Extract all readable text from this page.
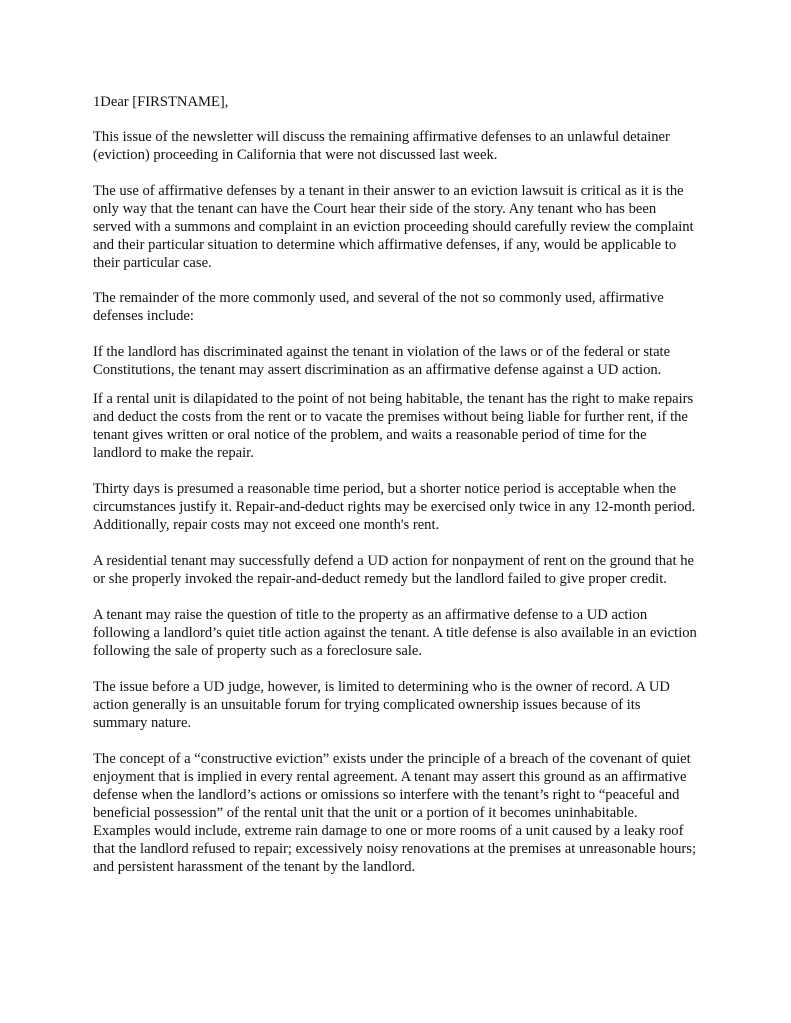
1Dear [FIRSTNAME],

This issue of the newsletter will discuss the remaining affirmative defenses to an unlawful detainer (eviction) proceeding in California that were not discussed last week.

The use of affirmative defenses by a tenant in their answer to an eviction lawsuit is critical as it is the only way that the tenant can have the Court hear their side of the story. Any tenant who has been served with a summons and complaint in an eviction proceeding should carefully review the complaint and their particular situation to determine which affirmative defenses, if any, would be applicable to their particular case.

The remainder of the more commonly used, and several of the not so commonly used, affirmative defenses include:

If the landlord has discriminated against the tenant in violation of the laws or of the federal or state Constitutions, the tenant may assert discrimination as an affirmative defense against a UD action.

If a rental unit is dilapidated to the point of not being habitable, the tenant has the right to make repairs and deduct the costs from the rent or to vacate the premises without being liable for further rent, if the tenant gives written or oral notice of the problem, and waits a reasonable period of time for the landlord to make the repair.

Thirty days is presumed a reasonable time period, but a shorter notice period is acceptable when the circumstances justify it. Repair-and-deduct rights may be exercised only twice in any 12-month period. Additionally, repair costs may not exceed one month's rent.

A residential tenant may successfully defend a UD action for nonpayment of rent on the ground that he or she properly invoked the repair-and-deduct remedy but the landlord failed to give proper credit.

A tenant may raise the question of title to the property as an affirmative defense to a UD action following a landlord’s quiet title action against the tenant. A title defense is also available in an eviction following the sale of property such as a foreclosure sale.

The issue before a UD judge, however, is limited to determining who is the owner of record. A UD action generally is an unsuitable forum for trying complicated ownership issues because of its summary nature.

The concept of a “constructive eviction” exists under the principle of a breach of the covenant of quiet enjoyment that is implied in every rental agreement. A tenant may assert this ground as an affirmative defense when the landlord’s actions or omissions so interfere with the tenant’s right to “peaceful and beneficial possession” of the rental unit that the unit or a portion of it becomes uninhabitable. Examples would include, extreme rain damage to one or more rooms of a unit caused by a leaky roof that the landlord refused to repair; excessively noisy renovations at the premises at unreasonable hours; and persistent harassment of the tenant by the landlord.
